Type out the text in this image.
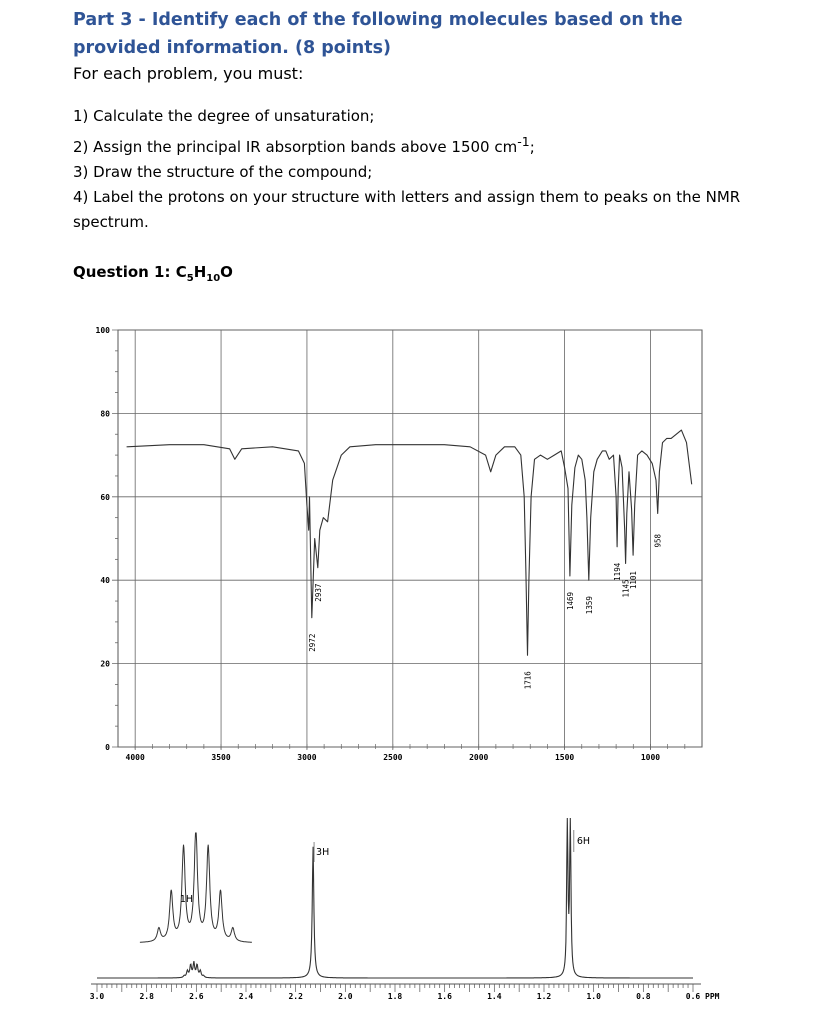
Part 3 - Identify each of the following molecules based on the provided information. (8 points)

For each problem, you must:

1) Calculate the degree of unsaturation;
2) Assign the principal IR absorption bands above 1500 $cm^{-1}$;
3) Draw the structure of the compound;
4) Label the protons on your structure with letters and assign them to peaks on the NMR spectrum.

Question 1: $C_5H_{10}O$

100
80
60
40
20
0
4000	3500	3000	2500	2000	1500	1000
2972
2937
1716
1469 1359
1194
1145
1101
958
3.0	2.8	2.6	2.4	2.2	2.0	1.8	1.6	1.4	1.2	1.0	0.8	0.6 PPM
1H
3H
6H
